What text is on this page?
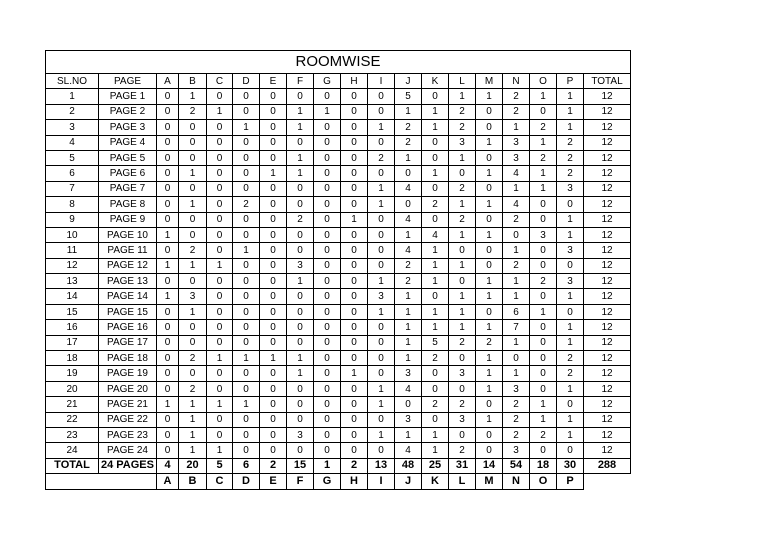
ROOMWISE																		
SL.NO	PAGE	A	B	C	D	E	F	G	H	I	J	K	L	M	N	O	P	TOTAL
1	PAGE 1	0	1	0	0	0	0	0	0	0	5	0	1	1	2	1	1	12
2	PAGE 2	0	2	1	0	0	1	1	0	0	1	1	2	0	2	0	1	12
3	PAGE 3	0	0	0	1	0	1	0	0	1	2	1	2	0	1	2	1	12
4	PAGE 4	0	0	0	0	0	0	0	0	0	2	0	3	1	3	1	2	12
5	PAGE 5	0	0	0	0	0	1	0	0	2	1	0	1	0	3	2	2	12
6	PAGE 6	0	1	0	0	1	1	0	0	0	0	1	0	1	4	1	2	12
7	PAGE 7	0	0	0	0	0	0	0	0	1	4	0	2	0	1	1	3	12
8	PAGE 8	0	1	0	2	0	0	0	0	1	0	2	1	1	4	0	0	12
9	PAGE 9	0	0	0	0	0	2	0	1	0	4	0	2	0	2	0	1	12
10	PAGE 10	1	0	0	0	0	0	0	0	0	1	4	1	1	0	3	1	12
11	PAGE 11	0	2	0	1	0	0	0	0	0	4	1	0	0	1	0	3	12
12	PAGE 12	1	1	1	0	0	3	0	0	0	2	1	1	0	2	0	0	12
13	PAGE 13	0	0	0	0	0	1	0	0	1	2	1	0	1	1	2	3	12
14	PAGE 14	1	3	0	0	0	0	0	0	3	1	0	1	1	1	0	1	12
15	PAGE 15	0	1	0	0	0	0	0	0	1	1	1	1	0	6	1	0	12
16	PAGE 16	0	0	0	0	0	0	0	0	0	1	1	1	1	7	0	1	12
17	PAGE 17	0	0	0	0	0	0	0	0	0	1	5	2	2	1	0	1	12
18	PAGE 18	0	2	1	1	1	1	0	0	0	1	2	0	1	0	0	2	12
19	PAGE 19	0	0	0	0	0	1	0	1	0	3	0	3	1	1	0	2	12
20	PAGE 20	0	2	0	0	0	0	0	0	1	4	0	0	1	3	0	1	12
21	PAGE 21	1	1	1	1	0	0	0	0	1	0	2	2	0	2	1	0	12
22	PAGE 22	0	1	0	0	0	0	0	0	0	3	0	3	1	2	1	1	12
23	PAGE 23	0	1	0	0	0	3	0	0	1	1	1	0	0	2	2	1	12
24	PAGE 24	0	1	1	0	0	0	0	0	0	4	1	2	0	3	0	0	12
TOTAL	24 PAGES	4	20	5	6	2	15	1	2	13	48	25	31	14	54	18	30	288
		A	B	C	D	E	F	G	H	I	J	K	L	M	N	O	P	
